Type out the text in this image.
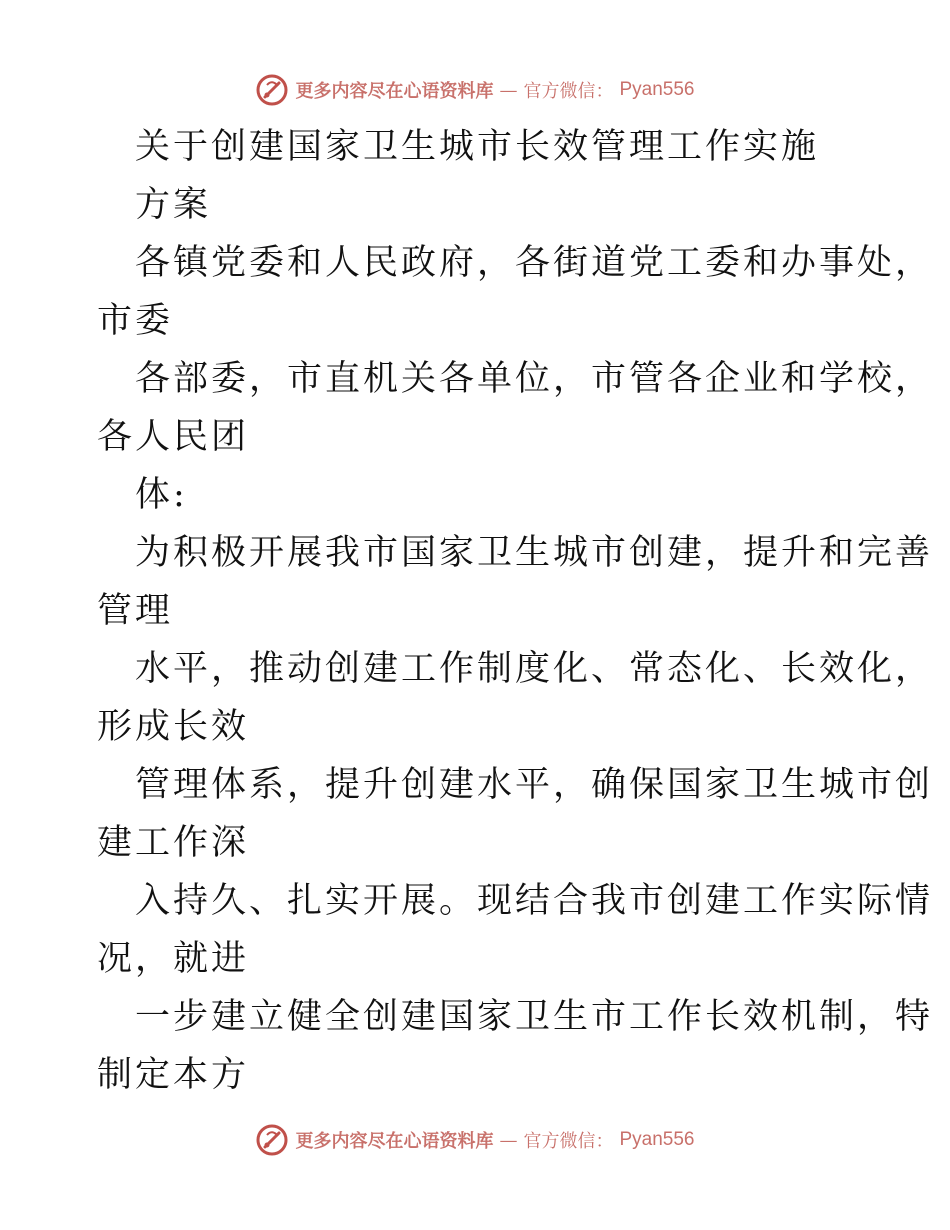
更多内容尽在心语资料库 — 官方微信： Pyan556
关于创建国家卫生城市长效管理工作实施
方案
各镇党委和人民政府，各街道党工委和办事处，
市委
各部委，市直机关各单位，市管各企业和学校，
各人民团
体:
为积极开展我市国家卫生城市创建，提升和完善
管理
水平，推动创建工作制度化、常态化、长效化，
形成长效
管理体系，提升创建水平，确保国家卫生城市创
建工作深
入持久、扎实开展。现结合我市创建工作实际情
况，就进
一步建立健全创建国家卫生市工作长效机制，特
制定本方
更多内容尽在心语资料库 — 官方微信： Pyan556
